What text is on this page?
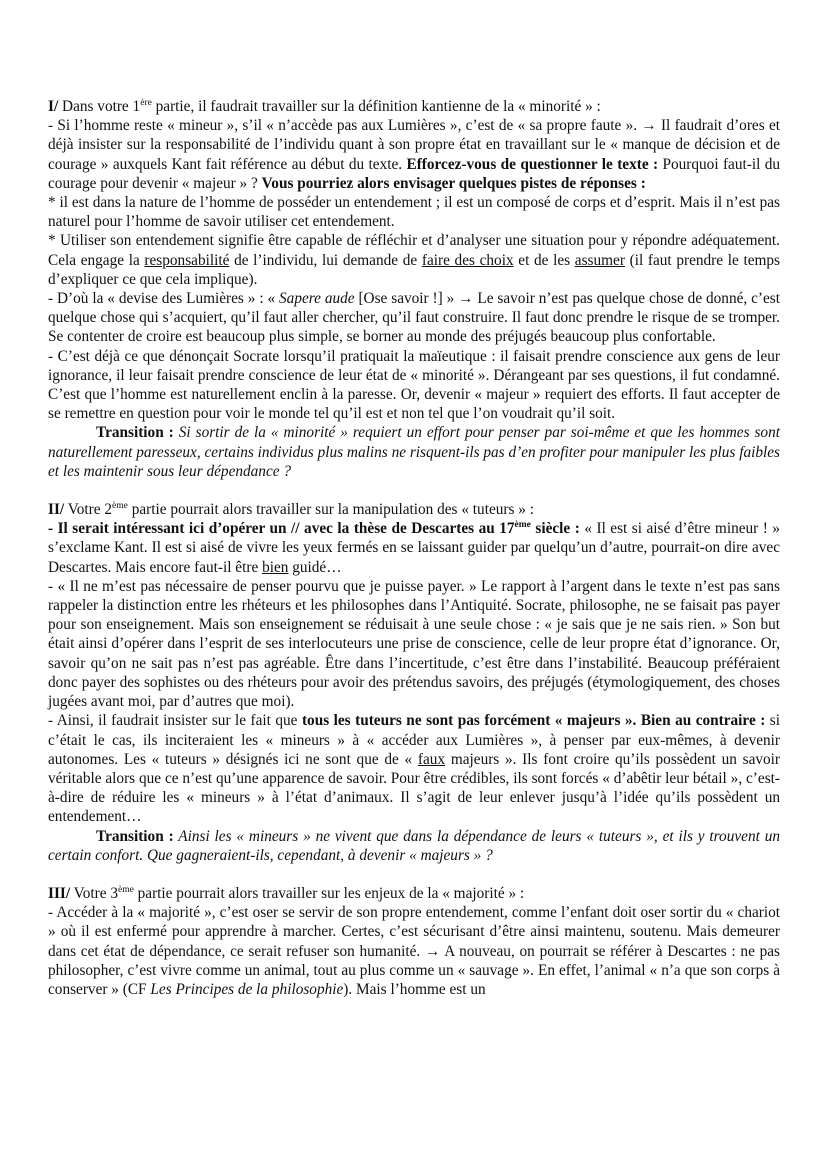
I/ Dans votre 1ère partie, il faudrait travailler sur la définition kantienne de la « minorité » :

- Si l’homme reste « mineur », s’il « n’accède pas aux Lumières », c’est de « sa propre faute ». → Il faudrait d’ores et déjà insister sur la responsabilité de l’individu quant à son propre état en travaillant sur le « manque de décision et de courage » auxquels Kant fait référence au début du texte. Efforcez-vous de questionner le texte : Pourquoi faut-il du courage pour devenir « majeur » ? Vous pourriez alors envisager quelques pistes de réponses :

* il est dans la nature de l’homme de posséder un entendement ; il est un composé de corps et d’esprit. Mais il n’est pas naturel pour l’homme de savoir utiliser cet entendement.

* Utiliser son entendement signifie être capable de réfléchir et d’analyser une situation pour y répondre adéquatement. Cela engage la responsabilité de l’individu, lui demande de faire des choix et de les assumer (il faut prendre le temps d’expliquer ce que cela implique).

- D’où la « devise des Lumières » : « Sapere aude [Ose savoir !] » → Le savoir n’est pas quelque chose de donné, c’est quelque chose qui s’acquiert, qu’il faut aller chercher, qu’il faut construire. Il faut donc prendre le risque de se tromper. Se contenter de croire est beaucoup plus simple, se borner au monde des préjugés beaucoup plus confortable.

- C’est déjà ce que dénonçait Socrate lorsqu’il pratiquait la maïeutique : il faisait prendre conscience aux gens de leur ignorance, il leur faisait prendre conscience de leur état de « minorité ». Dérangeant par ses questions, il fut condamné. C’est que l’homme est naturellement enclin à la paresse. Or, devenir « majeur » requiert des efforts. Il faut accepter de se remettre en question pour voir le monde tel qu’il est et non tel que l’on voudrait qu’il soit.

Transition : Si sortir de la « minorité » requiert un effort pour penser par soi-même et que les hommes sont naturellement paresseux, certains individus plus malins ne risquent-ils pas d’en profiter pour manipuler les plus faibles et les maintenir sous leur dépendance ?

II/ Votre 2ème partie pourrait alors travailler sur la manipulation des « tuteurs » :

- Il serait intéressant ici d’opérer un // avec la thèse de Descartes au 17ème siècle : « Il est si aisé d’être mineur ! » s’exclame Kant. Il est si aisé de vivre les yeux fermés en se laissant guider par quelqu’un d’autre, pourrait-on dire avec Descartes. Mais encore faut-il être bien guidé…

- « Il ne m’est pas nécessaire de penser pourvu que je puisse payer. » Le rapport à l’argent dans le texte n’est pas sans rappeler la distinction entre les rhéteurs et les philosophes dans l’Antiquité. Socrate, philosophe, ne se faisait pas payer pour son enseignement. Mais son enseignement se réduisait à une seule chose : « je sais que je ne sais rien. » Son but était ainsi d’opérer dans l’esprit de ses interlocuteurs une prise de conscience, celle de leur propre état d’ignorance. Or, savoir qu’on ne sait pas n’est pas agréable. Être dans l’incertitude, c’est être dans l’instabilité. Beaucoup préféraient donc payer des sophistes ou des rhéteurs pour avoir des prétendus savoirs, des préjugés (étymologiquement, des choses jugées avant moi, par d’autres que moi).

- Ainsi, il faudrait insister sur le fait que tous les tuteurs ne sont pas forcément « majeurs ». Bien au contraire : si c’était le cas, ils inciteraient les « mineurs » à « accéder aux Lumières », à penser par eux-mêmes, à devenir autonomes. Les « tuteurs » désignés ici ne sont que de « faux majeurs ». Ils font croire qu’ils possèdent un savoir véritable alors que ce n’est qu’une apparence de savoir. Pour être crédibles, ils sont forcés « d’abêtir leur bétail », c’est-à-dire de réduire les « mineurs » à l’état d’animaux. Il s’agit de leur enlever jusqu’à l’idée qu’ils possèdent un entendement…

Transition : Ainsi les « mineurs » ne vivent que dans la dépendance de leurs « tuteurs », et ils y trouvent un certain confort. Que gagneraient-ils, cependant, à devenir « majeurs » ?

III/ Votre 3ème partie pourrait alors travailler sur les enjeux de la « majorité » :

- Accéder à la « majorité », c’est oser se servir de son propre entendement, comme l’enfant doit oser sortir du « chariot » où il est enfermé pour apprendre à marcher. Certes, c’est sécurisant d’être ainsi maintenu, soutenu. Mais demeurer dans cet état de dépendance, ce serait refuser son humanité. → A nouveau, on pourrait se référer à Descartes : ne pas philosopher, c’est vivre comme un animal, tout au plus comme un « sauvage ». En effet, l’animal « n’a que son corps à conserver » (CF Les Principes de la philosophie). Mais l’homme est un
